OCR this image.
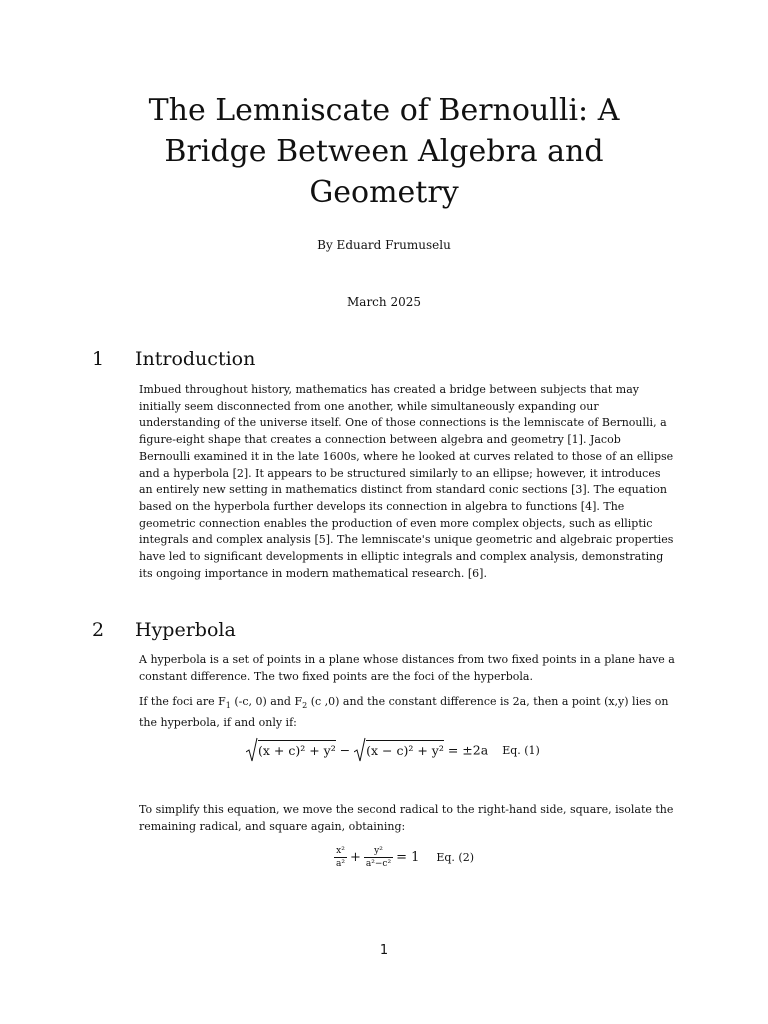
The Lemniscate of Bernoulli: A Bridge Between Algebra and Geometry
By Eduard Frumuselu
March 2025
1 Introduction
Imbued throughout history, mathematics has created a bridge between subjects that may initially seem disconnected from one another, while simultaneously expanding our understanding of the universe itself. One of those connections is the lemniscate of Bernoulli, a figure-eight shape that creates a connection between algebra and geometry [1]. Jacob Bernoulli examined it in the late 1600s, where he looked at curves related to those of an ellipse and a hyperbola [2]. It appears to be structured similarly to an ellipse; however, it introduces an entirely new setting in mathematics distinct from standard conic sections [3]. The equation based on the hyperbola further develops its connection in algebra to functions [4]. The geometric connection enables the production of even more complex objects, such as elliptic integrals and complex analysis [5]. The lemniscate's unique geometric and algebraic properties have led to significant developments in elliptic integrals and complex analysis, demonstrating its ongoing importance in modern mathematical research. [6].
2 Hyperbola
A hyperbola is a set of points in a plane whose distances from two fixed points in a plane have a constant difference. The two fixed points are the foci of the hyperbola.
If the foci are $F_1$ (-c, 0) and $F_2$ (c ,0) and the constant difference is 2a, then a point (x,y) lies on the hyperbola, if and only if:
(x + c)² + y² − (x − c)² + y² = ±2a Eq. (1)
To simplify this equation, we move the second radical to the right-hand side, square, isolate the remaining radical, and square again, obtaining:
$\frac{\text{x²}}{\text{a²}} + \frac{\text{y²}}{\text{a²−c²}} = 1$ Eq. (2)
1
